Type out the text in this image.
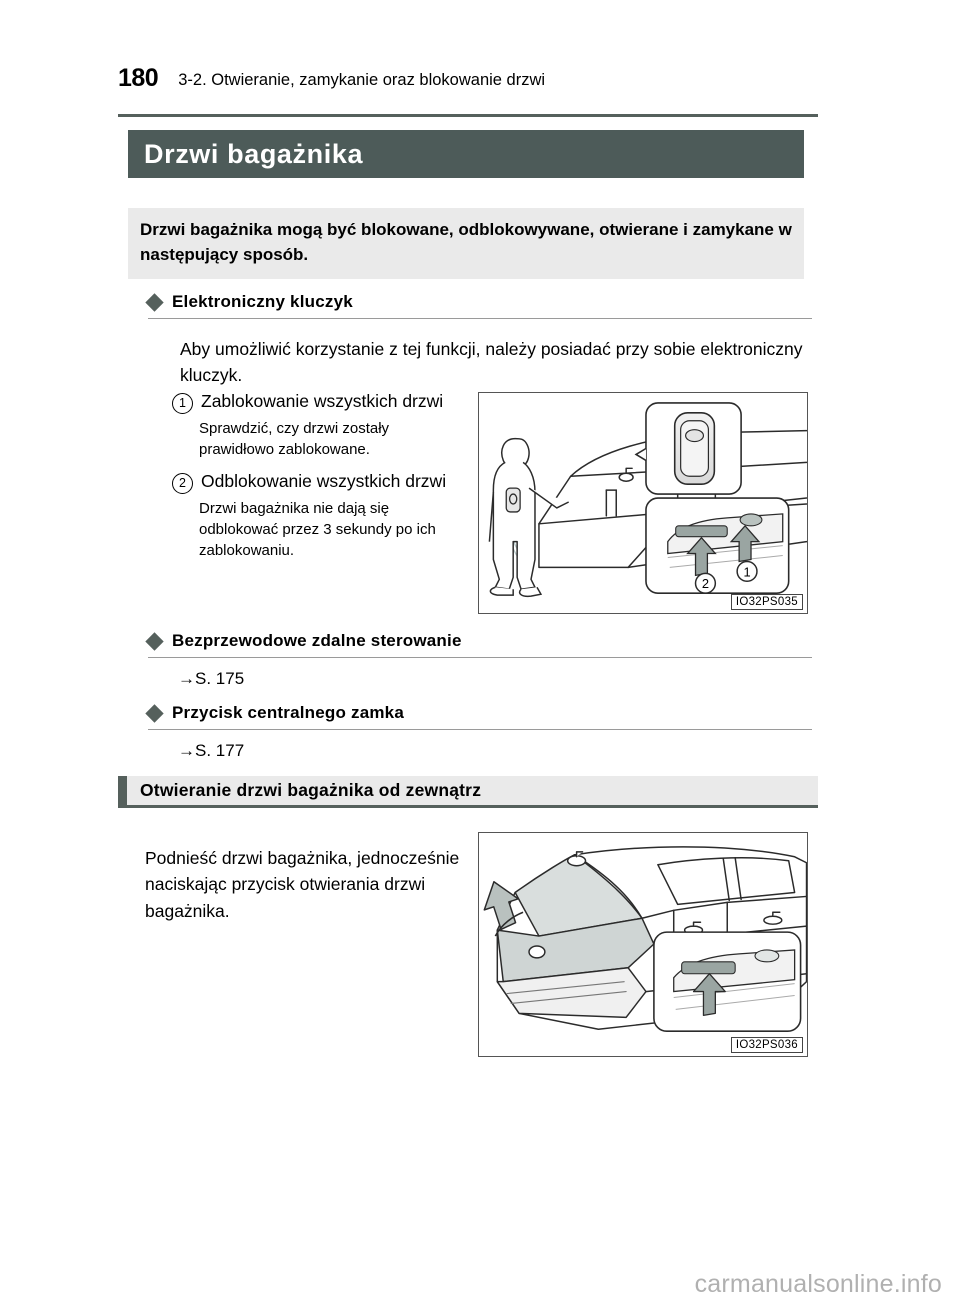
180 3-2. Otwieranie, zamykanie oraz blokowanie drzwi
Drzwi bagażnika
Drzwi bagażnika mogą być blokowane, odblokowywane, otwierane i zamykane w następujący sposób.
Elektroniczny kluczyk
Aby umożliwić korzystanie z tej funkcji, należy posiadać przy sobie elektroniczny kluczyk.
1 Zablokowanie wszystkich drzwi
Sprawdzić, czy drzwi zostały prawidłowo zablokowane.
2 Odblokowanie wszystkich drzwi
Drzwi bagażnika nie dają się odblokować przez 3 sekundy po ich zablokowaniu.
2
1
IO32PS035
Bezprzewodowe zdalne sterowanie
→S. 175
Przycisk centralnego zamka
→S. 177
Otwieranie drzwi bagażnika od zewnątrz
Podnieść drzwi bagażnika, jednocześnie naciskając przycisk otwierania drzwi bagażnika.
IO32PS036
carmanualsonline.info
